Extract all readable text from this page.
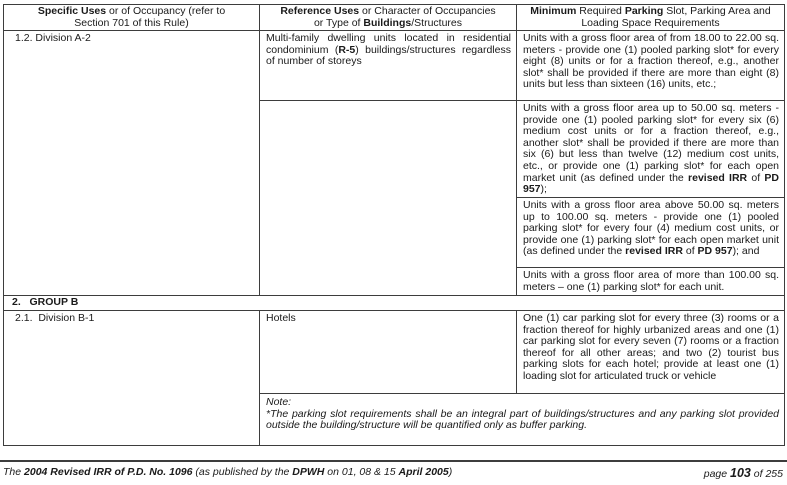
Specific Uses or of Occupancy (refer to
Section 701 of this Rule)

Reference Uses or Character of Occupancies
or Type of Buildings/Structures

Minimum Required Parking Slot, Parking Area and
Loading Space Requirements

1.2. Division A-2	Multi-family dwelling units located in residential condominium (R-5) buildings/structures regardless of number of storeys	Units with a gross floor area of from 18.00 to 22.00 sq. meters - provide one (1) pooled parking slot* for every eight (8) units or for a fraction thereof, e.g., another slot* shall be provided if there are more than eight (8) units but less than sixteen (16) units, etc.;

		Units with a gross floor area up to 50.00 sq. meters - provide one (1) pooled parking slot* for every six (6) medium cost units or for a fraction thereof, e.g., another slot* shall be provided if there are more than six (6) but less than twelve (12) medium cost units, etc., or provide one (1) parking slot* for each open market unit (as defined under the revised IRR of PD 957);

		Units with a gross floor area above 50.00 sq. meters up to 100.00 sq. meters - provide one (1) pooled parking slot* for every four (4) medium cost units, or provide one (1) parking slot* for each open market unit (as defined under the revised IRR of PD 957); and

		Units with a gross floor area of more than 100.00 sq. meters – one (1) parking slot* for each unit.

2.   GROUP B		

2.1.  Division B-1	Hotels	One (1) car parking slot for every three (3) rooms or a fraction thereof for highly urbanized areas and one (1) car parking slot for every seven (7) rooms or a fraction thereof for all other areas; and two (2) tourist bus parking slots for each hotel; provide at least one (1) loading slot for articulated truck or vehicle

	Note:
*The parking slot requirements shall be an integral part of buildings/structures and any parking slot provided outside the building/structure will be quantified only as buffer parking.	
The 2004 Revised IRR of P.D. No. 1096 (as published by the DPWH on 01, 08 & 15 April 2005)	page 103 of 255
